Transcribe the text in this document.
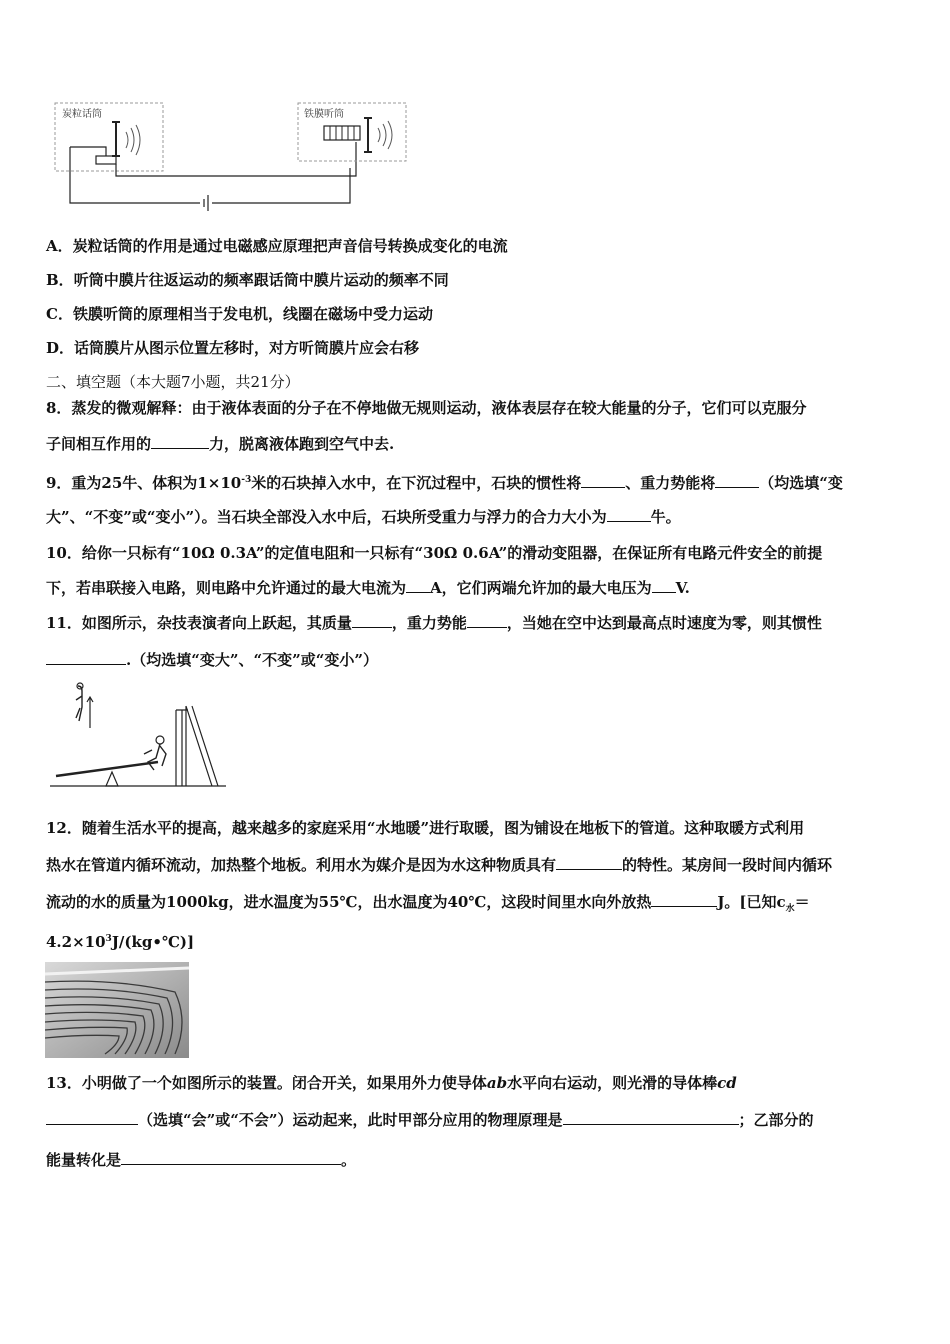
炭粒话筒	铁膜听筒
A．炭粒话筒的作用是通过电磁感应原理把声音信号转换成变化的电流
B．听筒中膜片往返运动的频率跟话筒中膜片运动的频率不同
C．铁膜听筒的原理相当于发电机，线圈在磁场中受力运动
D．话筒膜片从图示位置左移时，对方听筒膜片应会右移
二、填空题（本大题7小题，共21分）
8．蒸发的微观解释：由于液体表面的分子在不停地做无规则运动，液体表层存在较大能量的分子，它们可以克服分
子间相互作用的	力，脱离液体跑到空气中去.
9．重为25牛、体积为$1\times 10^{-3}$米的石块掉入水中，在下沉过程中，石块的惯性将	、重力势能将	（均选填“变
大”、“不变”或“变小”）。当石块全部没入水中后，石块所受重力与浮力的合力大小为	牛。
10．给你一只标有“10Ω 0.3A”的定值电阻和一只标有“30Ω 0.6A”的滑动变阻器，在保证所有电路元件安全的前提
下，若串联接入电路，则电路中允许通过的最大电流为 A，它们两端允许加的最大电压为 V.
11．如图所示，杂技表演者向上跃起，其质量	，重力势能	，当她在空中达到最高点时速度为零，则其惯性
.（均选填“变大”、“不变”或“变小”）
12．随着生活水平的提高，越来越多的家庭采用“水地暖”进行取暖，图为铺设在地板下的管道。这种取暖方式利用
热水在管道内循环流动，加热整个地板。利用水为媒介是因为水这种物质具有	的特性。某房间一段时间内循环
流动的水的质量为1000kg，进水温度为55℃，出水温度为40℃，这段时间里水向外放热	J。[已知$c_水=$
$4.2\times 10^3J/(kg•℃)$]
13．小明做了一个如图所示的装置。闭合开关，如果用外力使导体ab水平向右运动，则光滑的导体棒cd
（选填“会”或“不会”）运动起来，此时甲部分应用的物理原理是	；乙部分的
能量转化是	。
